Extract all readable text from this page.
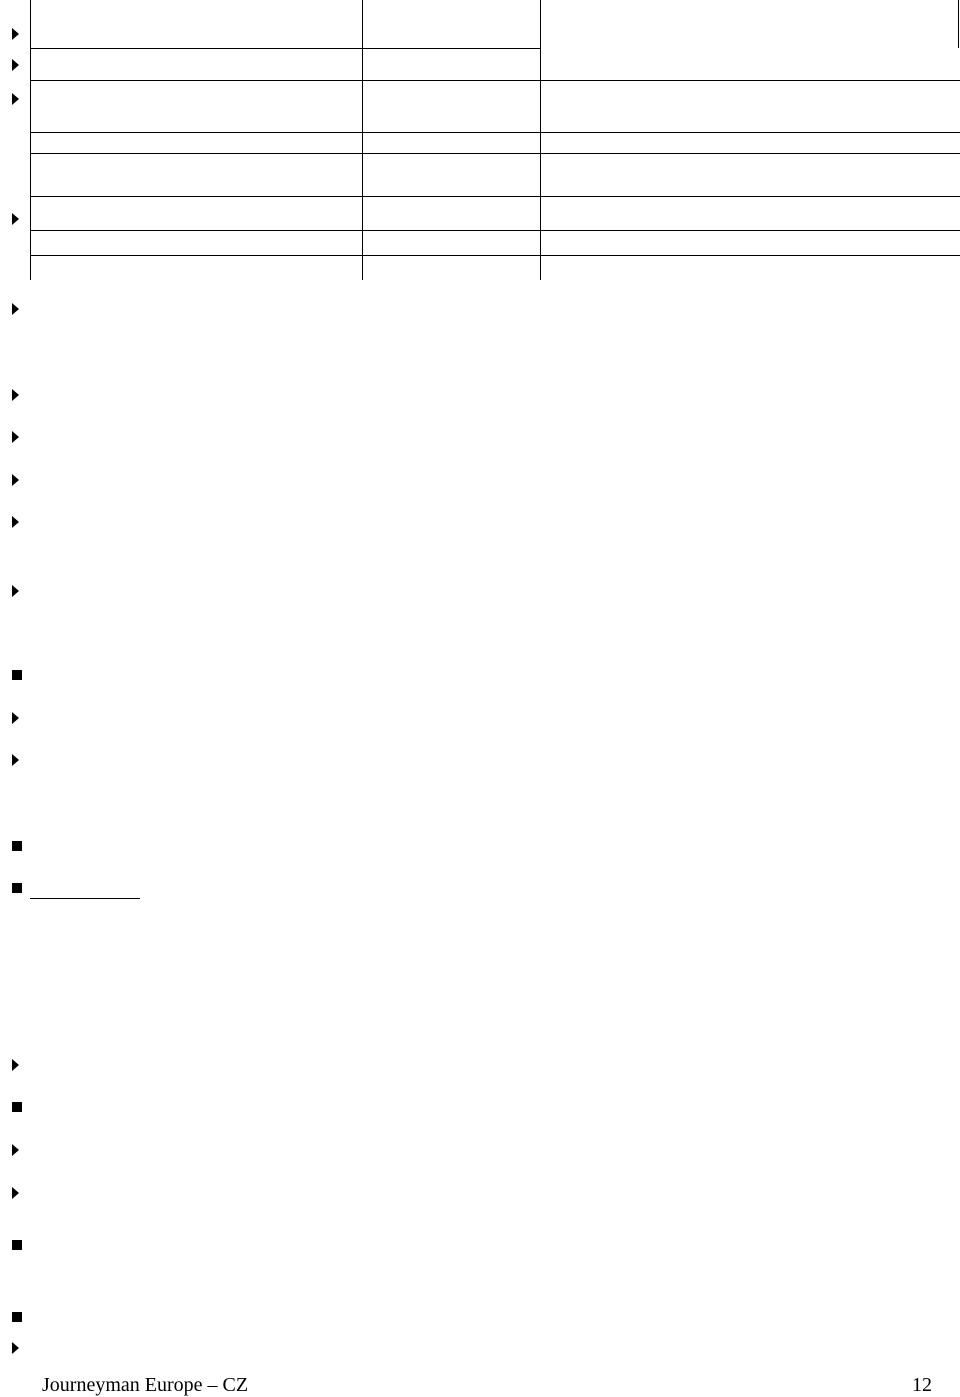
Journeyman Europe – CZ	12
